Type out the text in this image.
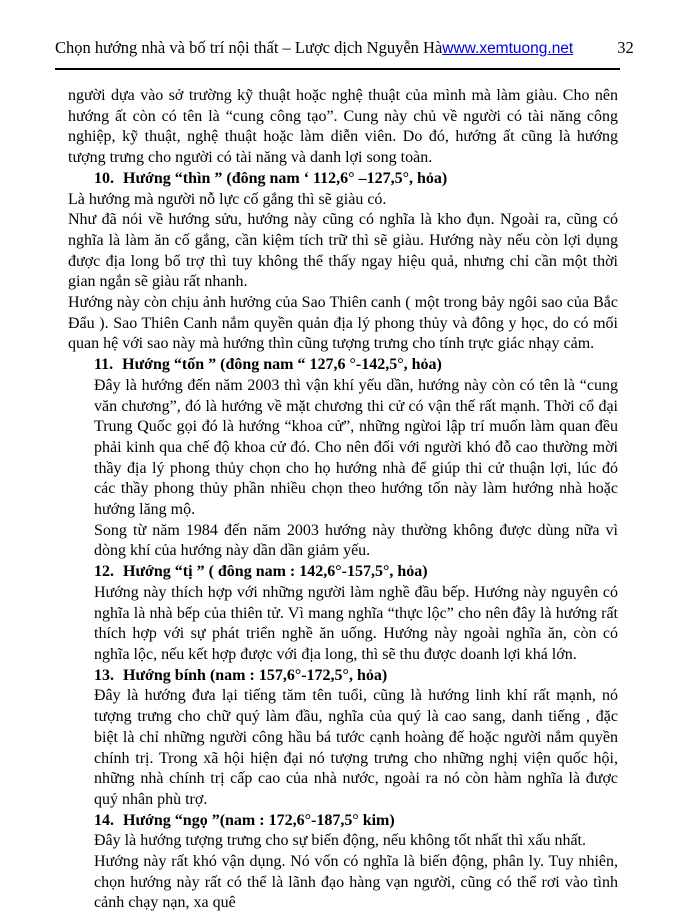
Chọn hướng nhà và bố trí nội thất – Lược dịch Nguyễn Hà www.xemtuong.net	32

người dựa vào sở trường kỹ thuật hoặc nghệ thuật của mình mà làm giàu. Cho nên hướng ất còn có tên là “cung công tạo”. Cung này chủ về người có tài năng công nghiệp, kỹ thuật, nghệ thuật hoặc làm diễn viên. Do đó, hướng ất cũng là hướng tượng trưng cho người có tài năng và danh lợi song toàn.

10. Hướng “thìn ” (đông nam ‘ 112,6° –127,5°, hỏa)

Là hướng mà người nỗ lực cố gắng thì sẽ giàu có.

Như đã nói về hướng sửu, hướng này cũng có nghĩa là kho đụn. Ngoài ra, cũng có nghĩa là làm ăn cố gắng, cần kiệm tích trữ thì sẽ giàu. Hướng này nếu còn lợi dụng được địa long bổ trợ thì tuy không thể thấy ngay hiệu quả, nhưng chỉ cần một thời gian ngắn sẽ giàu rất nhanh.

Hướng này còn chịu ảnh hưởng của Sao Thiên canh ( một trong bảy ngôi sao của Bắc Đẩu ). Sao Thiên Canh nắm quyền quản địa lý phong thủy và đông y học, do có mối quan hệ với sao này mà hướng thìn cũng tượng trưng cho tính trực giác nhạy cảm.

11. Hướng “tốn ” (đông nam “ 127,6 °-142,5°, hỏa)

Đây là hướng đến năm 2003 thì vận khí yếu dần, hướng này còn có tên là “cung văn chương”, đó là hướng về mặt chương thi cử có vận thế rất mạnh. Thời cổ đại Trung Quốc gọi đó là hướng “khoa cử”, những ngừoi lập trí muốn làm quan đều phải kinh qua chế độ khoa cử đó. Cho nên đối với người khó đỗ cao thường mời thầy địa lý phong thủy chọn cho họ hướng nhà để giúp thi cử thuận lợi, lúc đó các thầy phong thủy phần nhiều chọn theo hướng tốn này làm hướng nhà hoặc hướng lăng mộ.

Song từ năm 1984 đến năm 2003 hướng này thường không được dùng nữa vì dòng khí của hướng này dần dần giảm yếu.

12. Hướng “tị ” ( đông nam : 142,6°-157,5°, hỏa)

Hướng này thích hợp với những người làm nghề đầu bếp. Hướng này nguyên có nghĩa là nhà bếp của thiên tử. Vì mang nghĩa “thực lộc” cho nên đây là hướng rất thích hợp với sự phát triển nghề ăn uống. Hướng này ngoài nghĩa ăn, còn có nghĩa lộc, nếu kết hợp được với địa long, thì sẽ thu được doanh lợi khá lớn.

13. Hướng bính (nam : 157,6°-172,5°, hỏa)

Đây là hướng đưa lại tiếng tăm tên tuổi, cũng là hướng linh khí rất mạnh, nó tượng trưng cho chữ quý làm đầu, nghĩa của quý là cao sang, danh tiếng , đặc biệt là chỉ những người công hầu bá tước cạnh hoàng đế hoặc người nắm quyền chính trị. Trong xã hội hiện đại nó tượng trưng cho những nghị viện quốc hội, những nhà chính trị cấp cao của nhà nước, ngoài ra nó còn hàm nghĩa là được quý nhân phù trợ.

14. Hướng “ngọ ”(nam : 172,6°-187,5° kim)

Đây là hướng tượng trưng cho sự biến động, nếu không tốt nhất thì xấu nhất.

Hướng này rất khó vận dụng. Nó vốn có nghĩa là biến động, phân ly. Tuy nhiên, chọn hướng này rất có thể là lãnh đạo hàng vạn người, cũng có thể rơi vào tình cảnh chạy nạn, xa quê
